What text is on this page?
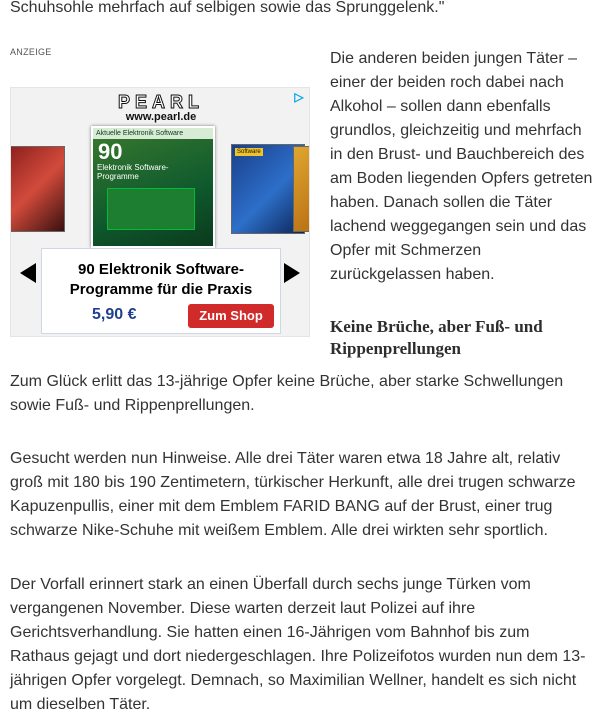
Schuhsohle mehrfach auf selbigen sowie das Sprunggelenk."

ANZEIGE
▷
PEARL
www.pearl.de
Aktuelle Elektronik Software
90
Elektronik Software-Programme
Software
90 Elektronik Software-Programme für die Praxis
5,90 €	Zum Shop

Die anderen beiden jungen Täter – einer der beiden roch dabei nach Alkohol – sollen dann ebenfalls grundlos, gleichzeitig und mehrfach in den Brust- und Bauchbereich des am Boden liegenden Opfers getreten haben. Danach sollen die Täter lachend weggegangen sein und das Opfer mit Schmerzen zurückgelassen haben.

Keine Brüche, aber Fuß- und Rippenprellungen

Zum Glück erlitt das 13-jährige Opfer keine Brüche, aber starke Schwellungen sowie Fuß- und Rippenprellungen.

Gesucht werden nun Hinweise. Alle drei Täter waren etwa 18 Jahre alt, relativ groß mit 180 bis 190 Zentimetern, türkischer Herkunft, alle drei trugen schwarze Kapuzenpullis, einer mit dem Emblem FARID BANG auf der Brust, einer trug schwarze Nike-Schuhe mit weißem Emblem. Alle drei wirkten sehr sportlich.

Der Vorfall erinnert stark an einen Überfall durch sechs junge Türken vom vergangenen November. Diese warten derzeit laut Polizei auf ihre Gerichtsverhandlung. Sie hatten einen 16-Jährigen vom Bahnhof bis zum Rathaus gejagt und dort niedergeschlagen. Ihre Polizeifotos wurden nun dem 13-jährigen Opfer vorgelegt. Demnach, so Maximilian Wellner, handelt es sich nicht um dieselben Täter.
